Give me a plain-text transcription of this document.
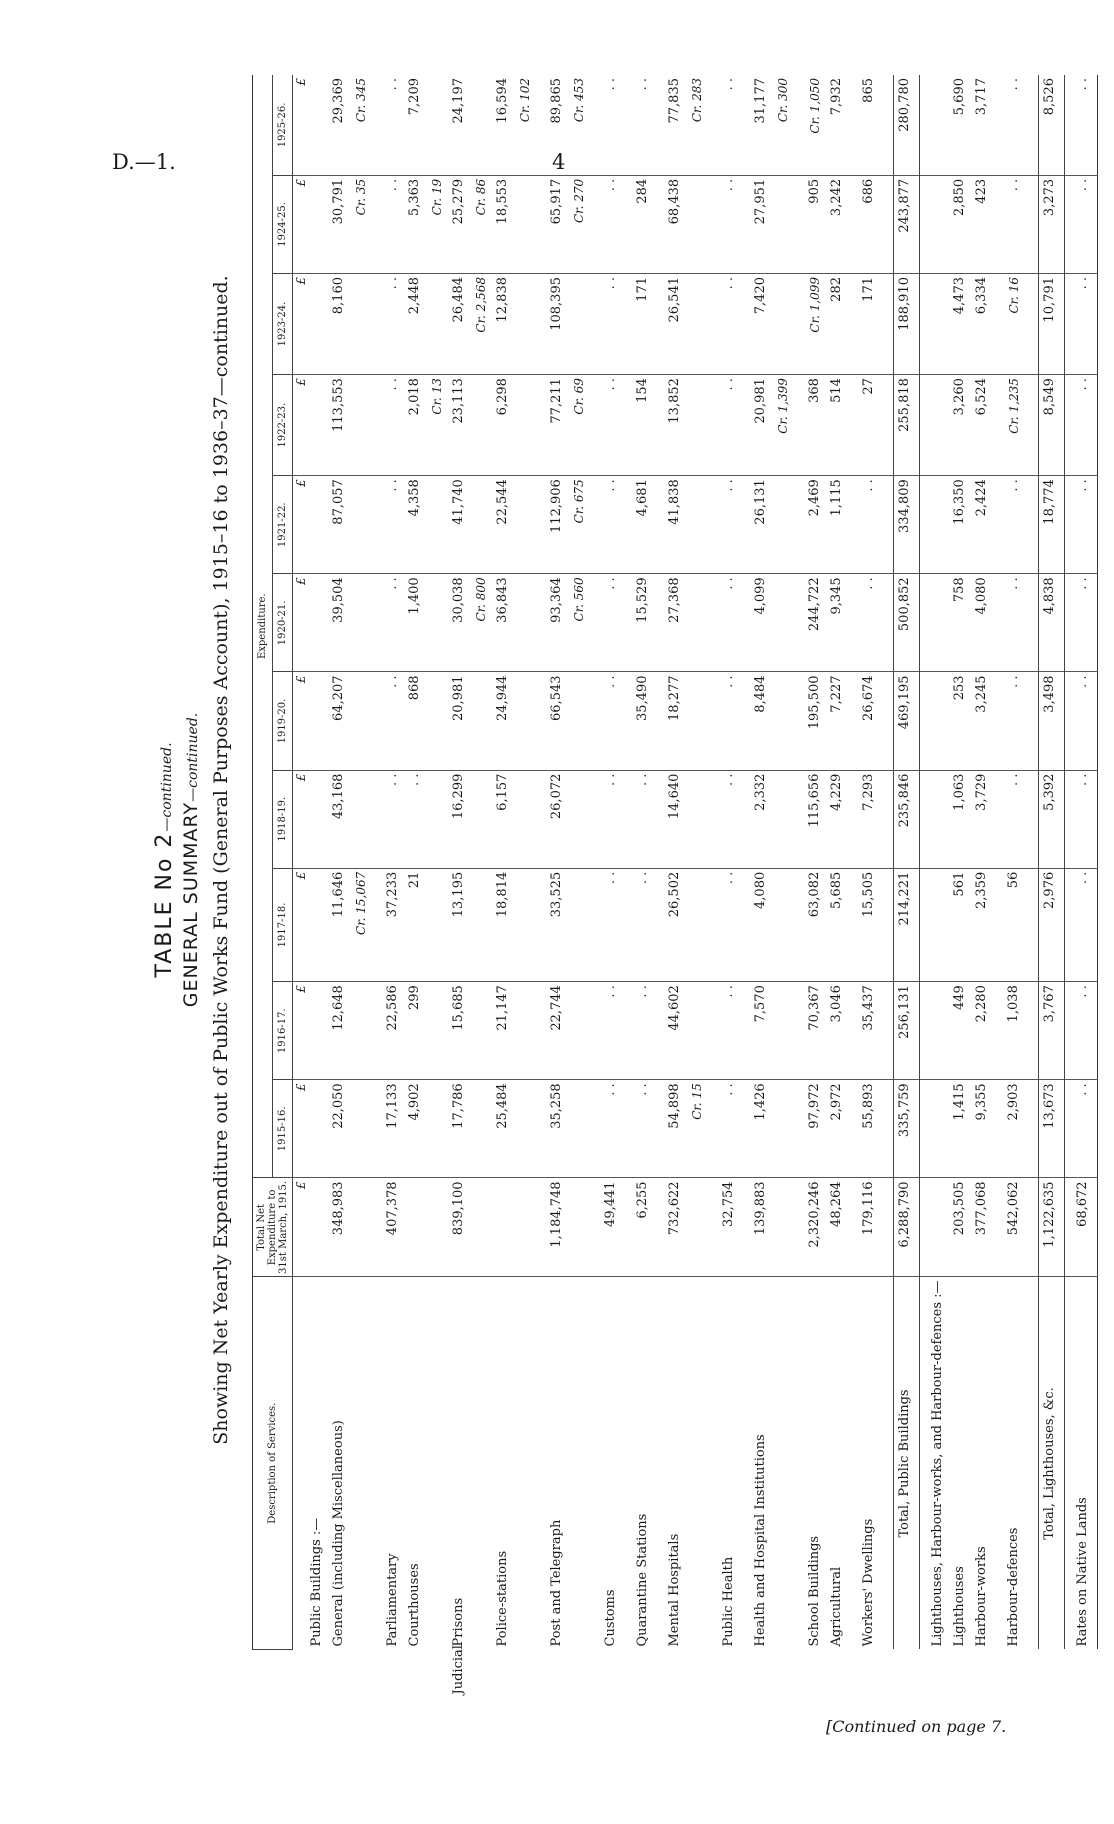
D.—1.	4
TABLE No 2—continued.
GENERAL SUMMARY—continued. Showing Net Yearly Expenditure out of Public Works Fund (General Purposes Account), 1915–16 to 1936–37—continued.
Description of Services.	Total Net Expenditure to 31st March, 1915.	Expenditure.										
		1915-16.	1916-17.	1917-18.	1918-19.	1919-20.	1920-21.	1921-22.	1922-23.	1923-24.	1924-25.	1925-26.
	£	£	£	£	£	£	£	£	£	£	£	£
Public Buildings :—												
General (including Miscellaneous)	348,983	22,050	12,648	11,646	43,168	64,207	39,504	87,057	113,553	8,160	30,791	29,369
				Cr. 15,067							Cr. 35	Cr. 345

Parliamentary	407,378	17,133	22,586	37,233	. .	. .	. .	. .	. .	. .	. .	. .
Courthouses		4,902	299	21	. .	868	1,400	4,358	2,018	2,448	5,363	7,209
									Cr. 13		Cr. 19	

Judicial
Prisons	839,100	17,786	15,685	13,195	16,299	20,981	30,038	41,740	23,113	26,484	25,279	24,197
							Cr. 800			Cr. 2,568	Cr. 86	
Police-stations		25,484	21,147	18,814	6,157	24,944	36,843	22,544	6,298	12,838	18,553	16,594
												Cr. 102

Post and Telegraph	1,184,748	35,258	22,744	33,525	26,072	66,543	93,364	112,906	77,211	108,395	65,917	89,865
							Cr. 560	Cr. 675	Cr. 69		Cr. 270	Cr. 453

Customs	49,441	. .	. .	. .	. .	. .	. .	. .	. .	. .	. .	. .

Quarantine Stations	6,255	. .	. .	. .	. .	35,490	15,529	4,681	154	171	284	. .

Mental Hospitals	732,622	54,898	44,602	26,502	14,640	18,277	27,368	41,838	13,852	26,541	68,438	77,835
		Cr. 15										Cr. 283

Public Health	32,754	. .	. .	. .	. .	. .	. .	. .	. .	. .	. .	. .

Health and Hospital Institutions	139,883	1,426	7,570	4,080	2,332	8,484	4,099	26,131	20,981	7,420	27,951	31,177
									Cr. 1,399			Cr. 300

School Buildings	2,320,246	97,972	70,367	63,082	115,656	195,500	244,722	2,469	368	Cr. 1,099	905	Cr. 1,050
Agricultural	48,264	2,972	3,046	5,685	4,229	7,227	9,345	1,115	514	282	3,242	7,932

Workers' Dwellings	179,116	55,893	35,437	15,505	7,293	26,674	. .	. .	27	171	686	865

Total, Public Buildings	6,288,790	335,759	256,131	214,221	235,846	469,195	500,852	334,809	255,818	188,910	243,877	280,780

Lighthouses, Harbour-works, and Harbour-defences :—												
Lighthouses	203,505	1,415	449	561	1,063	253	758	16,350	3,260	4,473	2,850	5,690
Harbour-works	377,068	9,355	2,280	2,359	3,729	3,245	4,080	2,424	6,524	6,334	423	3,717

Harbour-defences	542,062	2,903	1,038	56	. .	. .	. .	. .	Cr. 1,235	Cr. 16	. .	. .

Total, Lighthouses, &c.	1,122,635	13,673	3,767	2,976	5,392	3,498	4,838	18,774	8,549	10,791	3,273	8,526

Rates on Native Lands	68,672	. .	. .	. .	. .	. .	. .	. .	. .	. .	. .	. .
[Continued on page 7.
